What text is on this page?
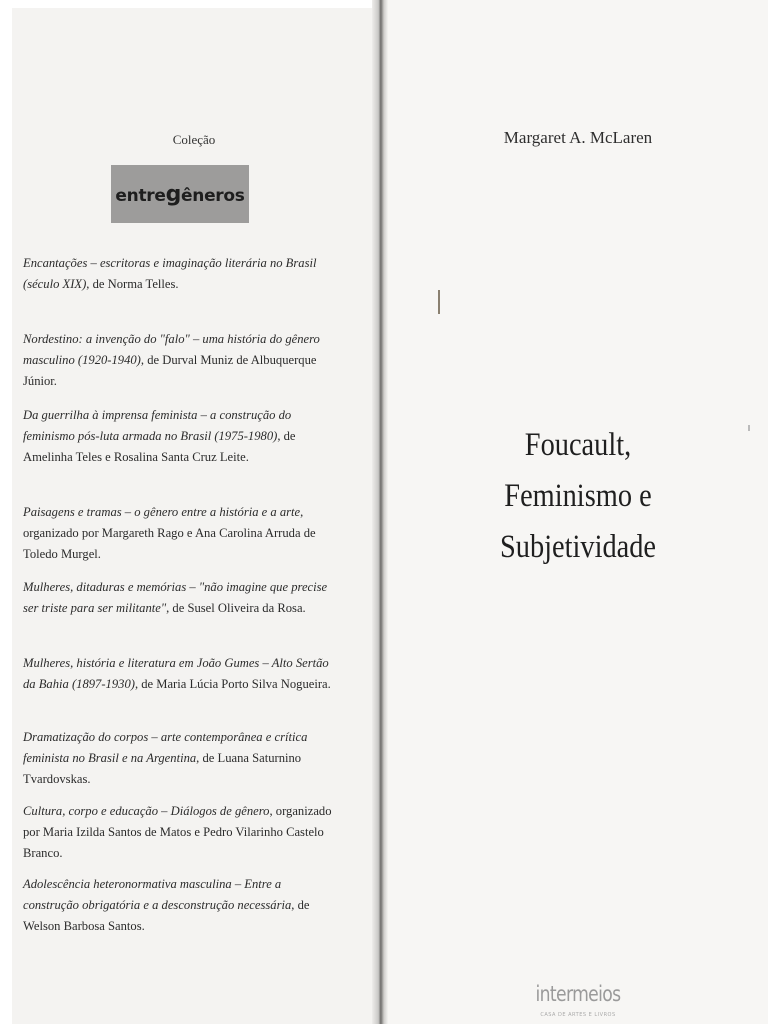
Coleção
entregêneros

Encantações – escritoras e imaginação literária no Brasil (século XIX), de Norma Telles.

Nordestino: a invenção do "falo" – uma história do gênero masculino (1920-1940), de Durval Muniz de Albuquerque Júnior.

Da guerrilha à imprensa feminista – a construção do feminismo pós-luta armada no Brasil (1975-1980), de Amelinha Teles e Rosalina Santa Cruz Leite.

Paisagens e tramas – o gênero entre a história e a arte, organizado por Margareth Rago e Ana Carolina Arruda de Toledo Murgel.

Mulheres, ditaduras e memórias – "não imagine que precise ser triste para ser militante", de Susel Oliveira da Rosa.

Mulheres, história e literatura em João Gumes – Alto Sertão da Bahia (1897-1930), de Maria Lúcia Porto Silva Nogueira.

Dramatização do corpos – arte contemporânea e crítica feminista no Brasil e na Argentina, de Luana Saturnino Tvardovskas.

Cultura, corpo e educação – Diálogos de gênero, organizado por Maria Izilda Santos de Matos e Pedro Vilarinho Castelo Branco.

Adolescência heteronormativa masculina – Entre a construção obrigatória e a desconstrução necessária, de Welson Barbosa Santos.

Margaret A. McLaren
Foucault,
Feminismo e
Subjetividade
intermeios
CASA DE ARTES E LIVROS
